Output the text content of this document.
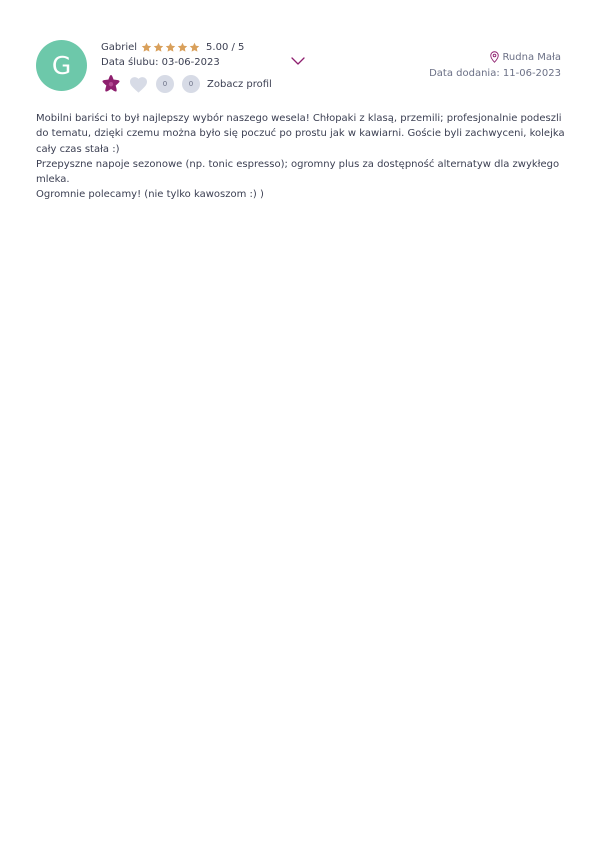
G
Gabriel	5.00 / 5
Data ślubu: 03-06-2023
0	0	Zobacz profil
Rudna Mała
Data dodania: 11-06-2023

Mobilni bariści to był najlepszy wybór naszego wesela! Chłopaki z klasą, przemili; profesjonalnie podeszli do tematu, dzięki czemu można było się poczuć po prostu jak w kawiarni. Goście byli zachwyceni, kolejka cały czas stała :)

Przepyszne napoje sezonowe (np. tonic espresso); ogromny plus za dostępność alternatyw dla zwykłego mleka.

Ogromnie polecamy! (nie tylko kawoszom :) )
